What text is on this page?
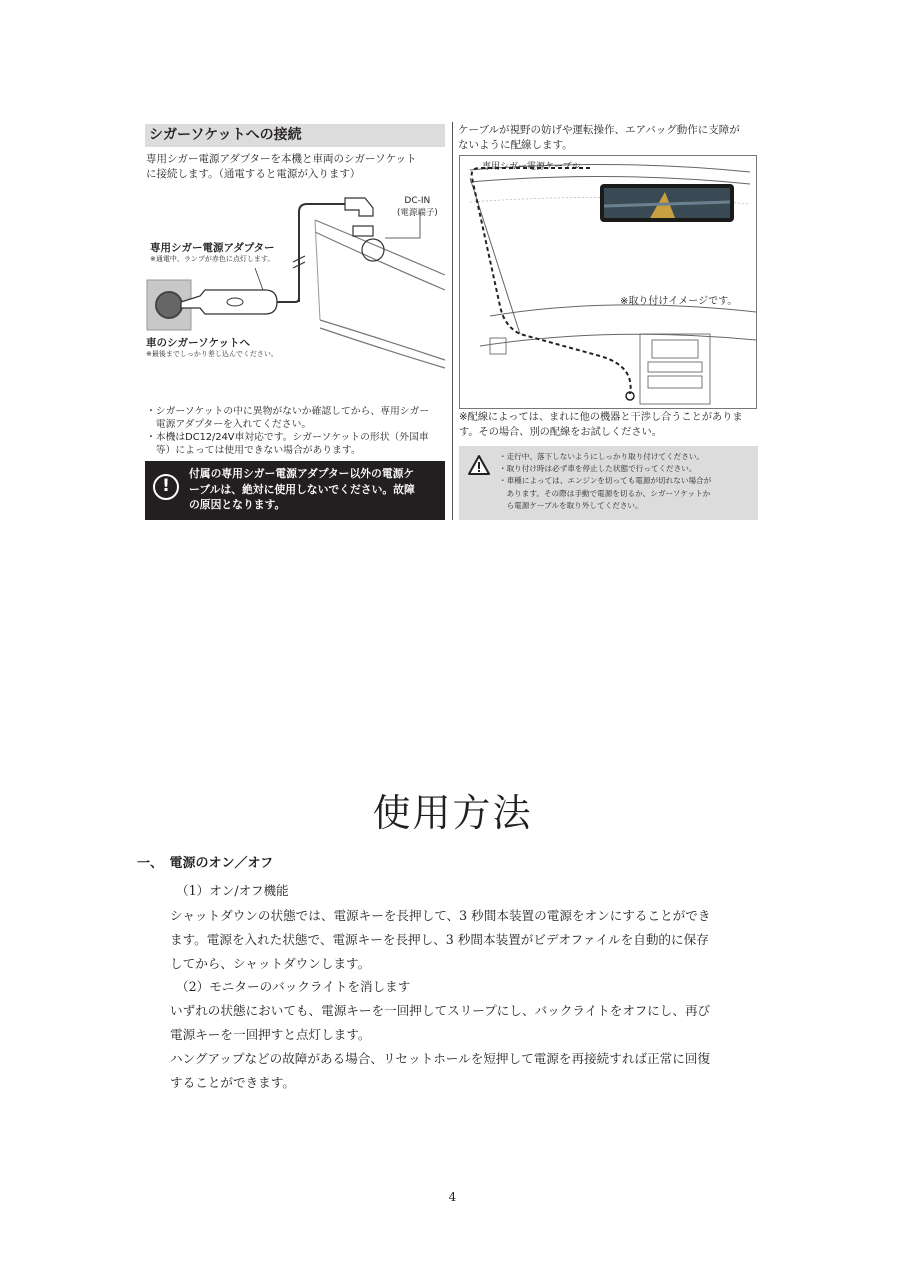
シガーソケットへの接続
専用シガー電源アダプターを本機と車両のシガーソケット
に接続します。（通電すると電源が入ります）
DC-IN
(電源端子)
専用シガー電源アダプター
※通電中、ランプが赤色に点灯します。
車のシガーソケットへ
※最後までしっかり差し込んでください。
・シガーソケットの中に異物がないか確認してから、専用シガー
　電源アダプターを入れてください。
・本機はDC12/24V車対応です。シガーソケットの形状（外国車
　等）によっては使用できない場合があります。
!
付属の専用シガー電源アダプター以外の電源ケ
ーブルは、絶対に使用しないでください。故障
の原因となります。
ケーブルが視野の妨げや運転操作、エアバッグ動作に支障が
ないように配線します。
専用シガー電源ケーブル
※取り付けイメージです。
※配線によっては、まれに他の機器と干渉し合うことがありま
す。その場合、別の配線をお試しください。
・走行中、落下しないようにしっかり取り付けてください。
・取り付け時は必ず車を停止した状態で行ってください。
・車種によっては、エンジンを切っても電源が切れない場合が
　あります。その際は手動で電源を切るか、シガーソケットか
　ら電源ケーブルを取り外してください。
使用方法
一、　電源のオン／オフ
（1）オン/オフ機能
シャットダウンの状態では、電源キーを長押して、3 秒間本装置の電源をオンにすることができ
ます。電源を入れた状態で、電源キーを長押し、3 秒間本装置がビデオファイルを自動的に保存
してから、シャットダウンします。
（2）モニターのバックライトを消します
いずれの状態においても、電源キーを一回押してスリープにし、バックライトをオフにし、再び
電源キーを一回押すと点灯します。
ハングアップなどの故障がある場合、リセットホールを短押して電源を再接続すれば正常に回復
することができます。
4
